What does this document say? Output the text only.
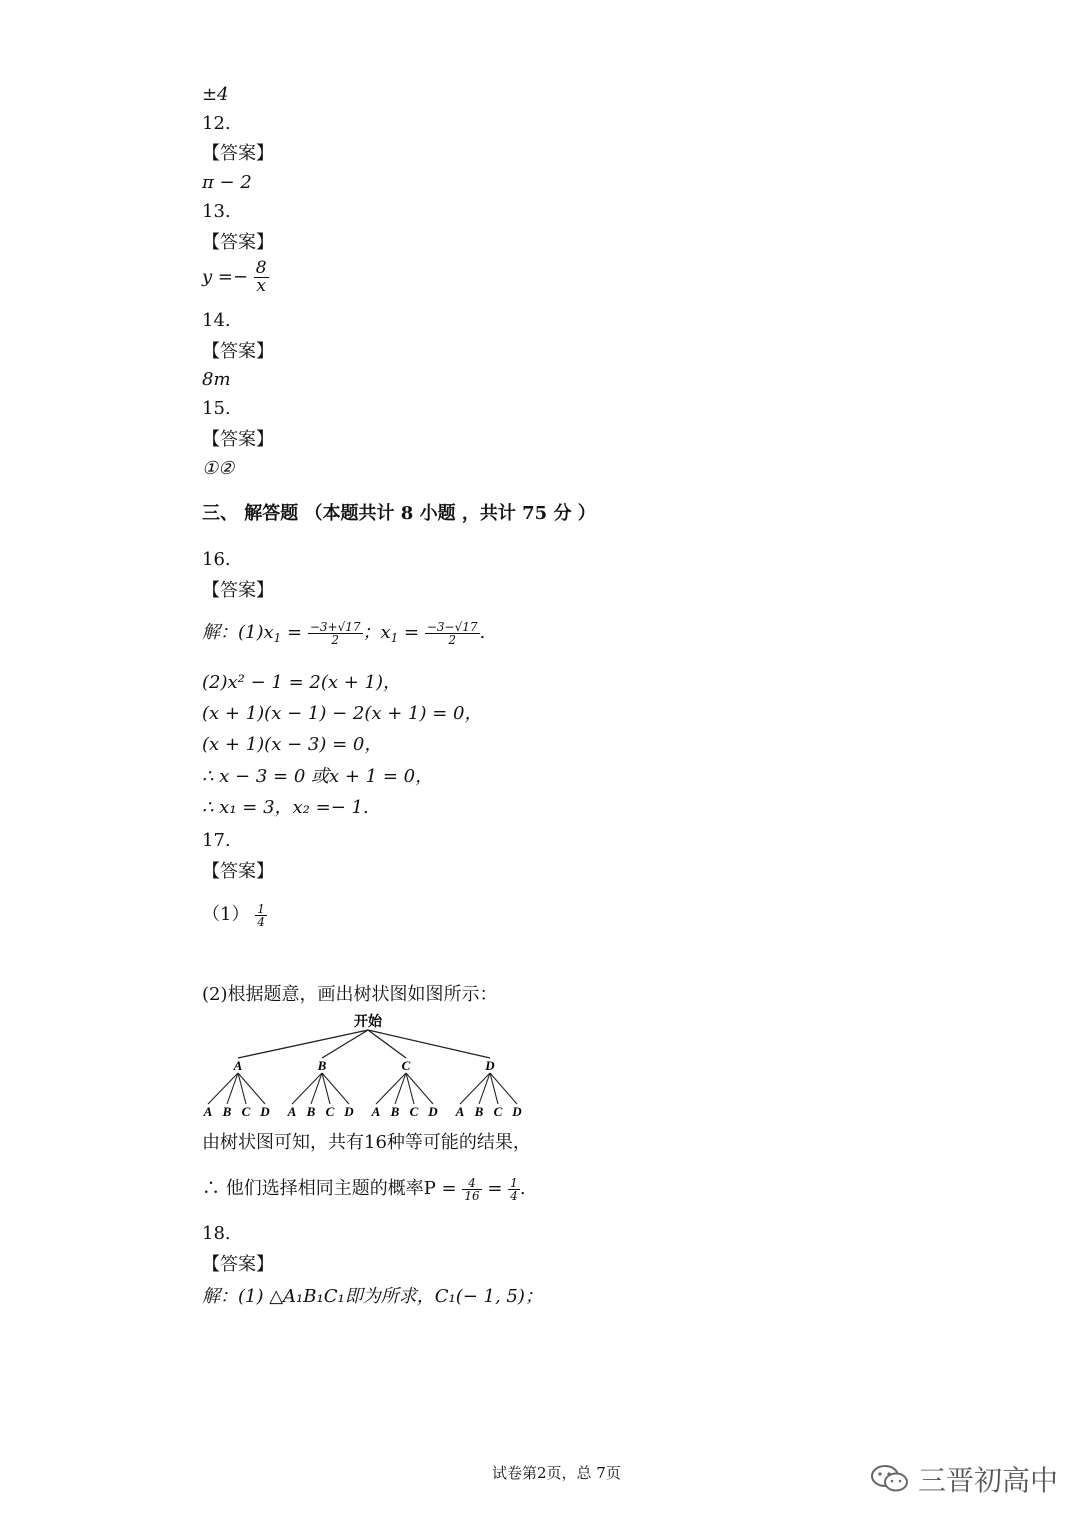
±4
12.
【答案】
π − 2
13.
【答案】
$y =- \frac{8}{x}$
14.
【答案】
8m
15.
【答案】
①②
三、 解答题 （本题共计 8 小题 ，共计 75 分 ）
16.
【答案】
解：$(1)x_1 = \frac{-3+√17}{2}$ ；$x_1 = \frac{-3-√17}{2}$ .
(2)x² − 1 = 2(x + 1)，
(x + 1)(x − 1) − 2(x + 1) = 0，
(x + 1)(x − 3) = 0，
∴ x − 3 = 0 或x + 1 = 0，
∴ x₁ = 3，x₂ =− 1.
17.
【答案】
$(1) \frac{1}{4}$
(2)根据题意，画出树状图如图所示：
开始
A
A B C D
B
A B C D
C
A B C D
D
A B C D
由树状图可知，共有16种等可能的结果，
∴ 他们选择相同主题的概率$P = \frac{4}{16} = \frac{1}{4}$ .
18.
【答案】
解：(1) △A₁B₁C₁即为所求，C₁(− 1, 5)；
试卷第2页，总 7页	三晋初高中
